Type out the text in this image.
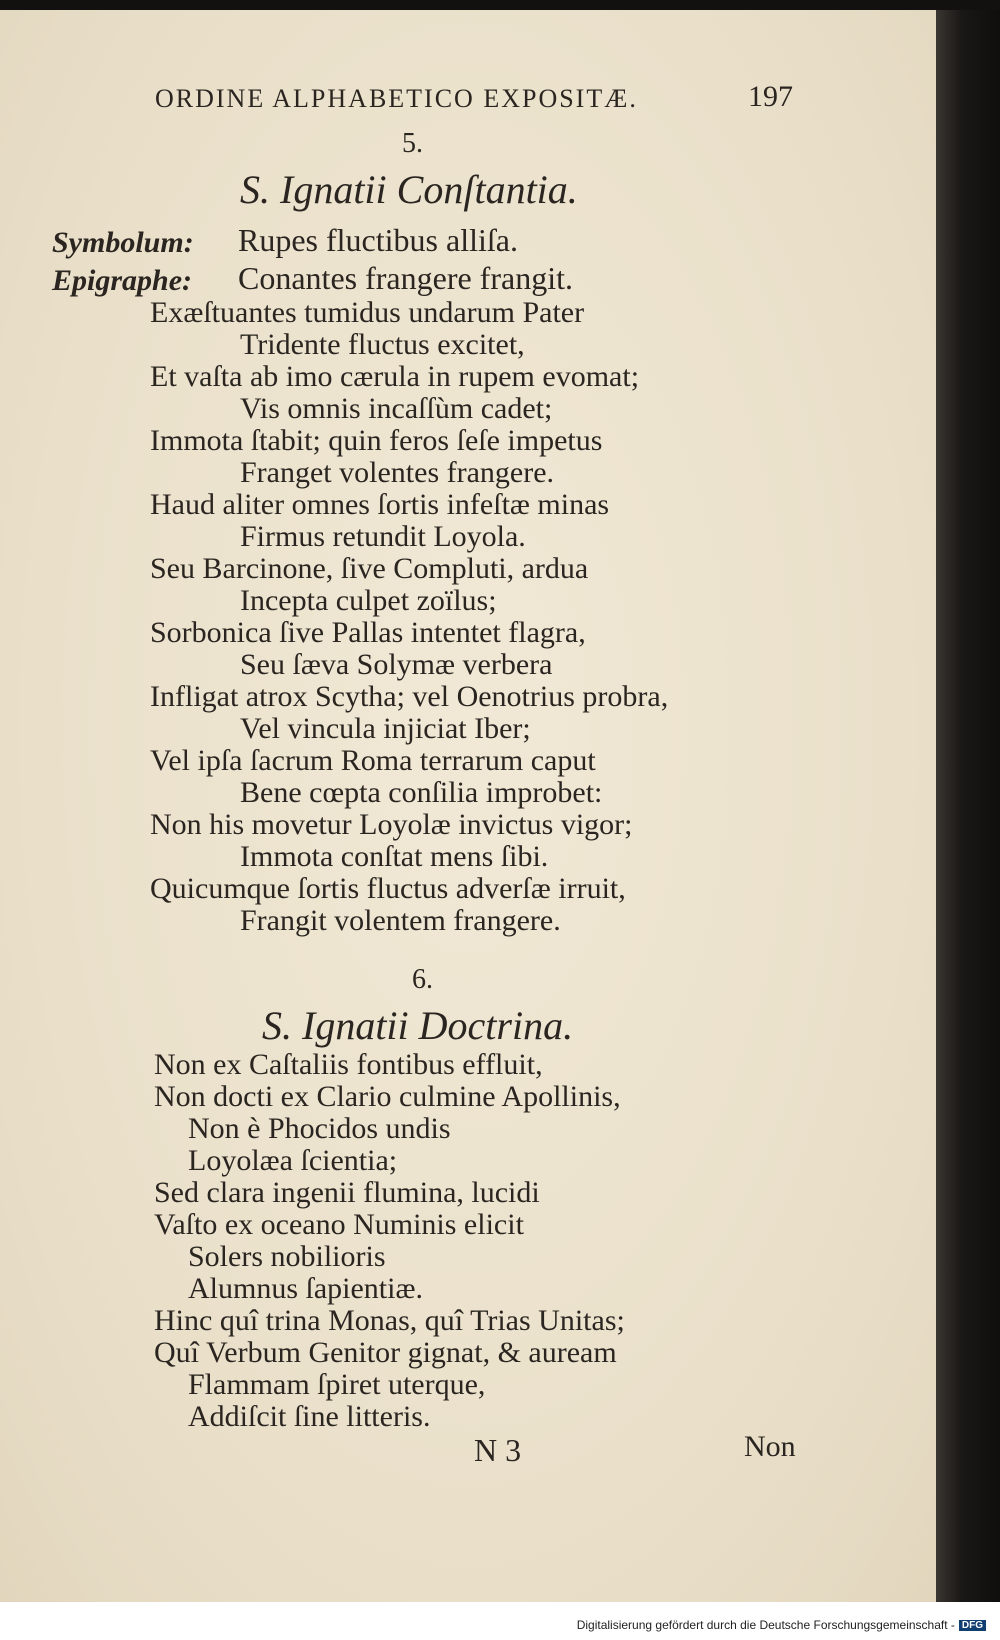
ORDINE ALPHABETICO EXPOSITÆ.	197
5.
S. Ignatii Conſtantia.
Symbolum: Rupes fluctibus alliſa.
Epigraphe: Conantes frangere frangit.
Exæſtuantes tumidus undarum Pater
Tridente fluctus excitet,
Et vaſta ab imo cærula in rupem evomat;
Vis omnis incaſſùm cadet;
Immota ſtabit; quin feros ſeſe impetus
Franget volentes frangere.
Haud aliter omnes ſortis infeſtæ minas
Firmus retundit Loyola.
Seu Barcinone, ſive Compluti, ardua
Incepta culpet zoïlus;
Sorbonica ſive Pallas intentet flagra,
Seu ſæva Solymæ verbera
Infligat atrox Scytha; vel Oenotrius probra,
Vel vincula injiciat Iber;
Vel ipſa ſacrum Roma terrarum caput
Bene cœpta conſilia improbet:
Non his movetur Loyolæ invictus vigor;
Immota conſtat mens ſibi.
Quicumque ſortis fluctus adverſæ irruit,
Frangit volentem frangere.
6.
S. Ignatii Doctrina.
Non ex Caſtaliis fontibus effluit,
Non docti ex Clario culmine Apollinis,
Non è Phocidos undis
Loyolæa ſcientia;
Sed clara ingenii flumina, lucidi
Vaſto ex oceano Numinis elicit
Solers nobilioris
Alumnus ſapientiæ.
Hinc quî trina Monas, quî Trias Unitas;
Quî Verbum Genitor gignat, & auream
Flammam ſpiret uterque,
Addiſcit ſine litteris.
N 3	Non
Digitalisierung gefördert durch die Deutsche Forschungsgemeinschaft - DFG
